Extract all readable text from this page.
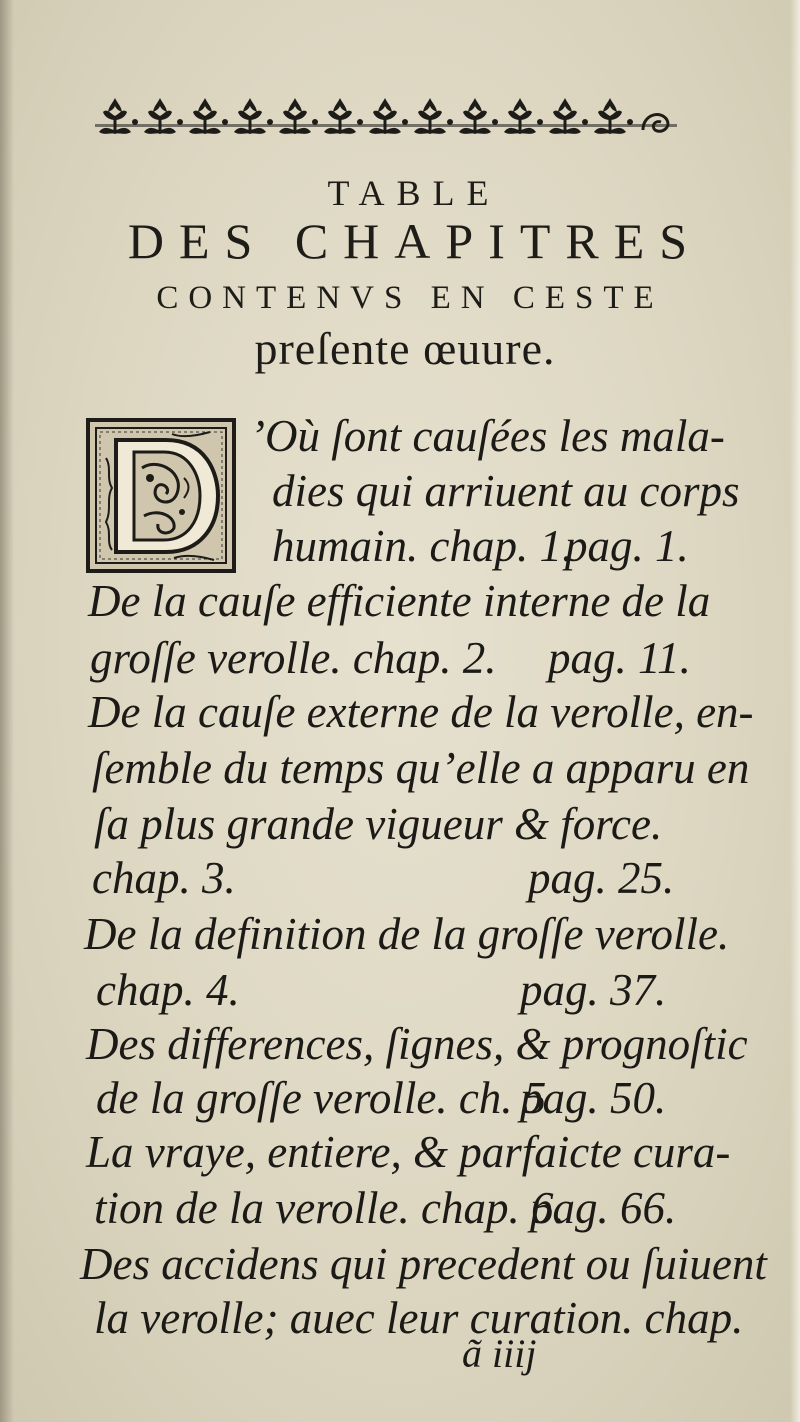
TABLE
DES CHAPITRES
CONTENVS EN CESTE
preſente œuure.
’Où ſont cauſées les mala-
dies qui arriuent au corps
humain. chap. 1.
pag. 1.
De la cauſe efficiente interne de la
groſſe verolle. chap. 2. pag. 11.
De la cauſe externe de la verolle, en-
ſemble du temps qu’elle a apparu en
ſa plus grande vigueur & force.
chap. 3.	pag. 25.
De la definition de la groſſe verolle.
chap. 4.	pag. 37.
Des differences, ſignes, & prognoſtic
de la groſſe verolle. ch. 5
pag. 50.
La vraye, entiere, & parfaicte cura-
tion de la verolle. chap. 6.
pag. 66.
Des accidens qui precedent ou ſuiuent
la verolle; auec leur curation. chap.
ã iiij
